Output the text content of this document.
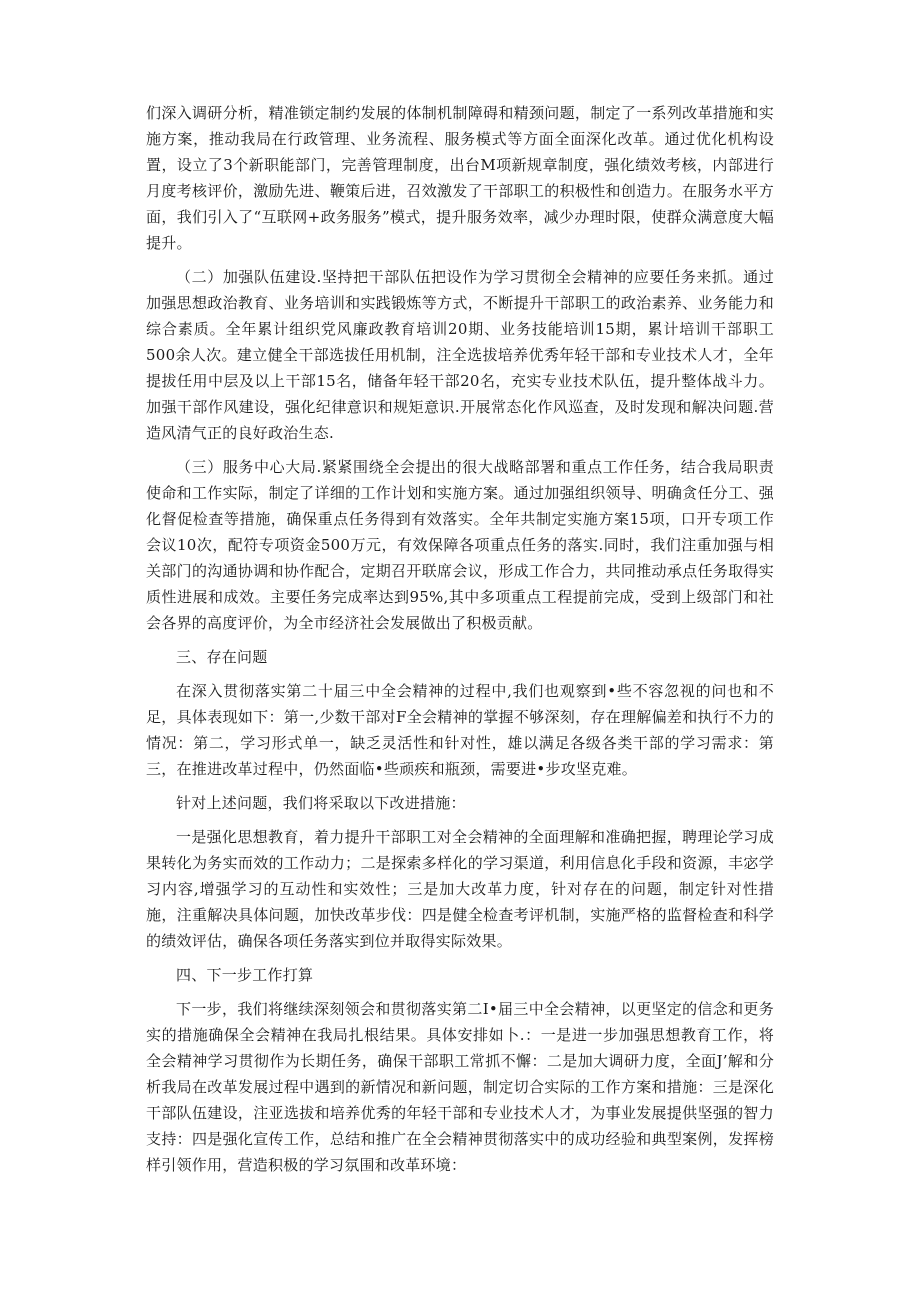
们深入调研分析，精准锁定制约发展的体制机制障碍和精颈问题，制定了一系列改革措施和实施方案，推动我局在行政管理、业务流程、服务模式等方面全面深化改革。通过优化机构设置，设立了3个新职能部门，完善管理制度，出台M项新规章制度，强化绩效考核，内部进行月度考核评价，激励先进、鞭策后进，召效激发了干部职工的积极性和创造力。在服务水平方面，我们引入了“互联网+政务服务”模式，提升服务效率，减少办理时限，使群众满意度大幅提升。

（二）加强队伍建设.坚持把干部队伍把设作为学习贯彻全会精神的应要任务来抓。通过加强思想政治教育、业务培训和实践锻炼等方式，不断提升干部职工的政治素养、业务能力和综合素质。全年累计组织党风廉政教育培训20期、业务技能培训15期，累计培训干部职工500余人次。建立健全干部选拔任用机制，注全选拔培养优秀年轻干部和专业技术人才，全年提拔任用中层及以上干部15名，储备年轻干部20名，充实专业技术队伍，提升整体战斗力。加强干部作风建设，强化纪律意识和规矩意识.开展常态化作风巡查，及时发现和解决问题.营造风清气正的良好政治生态.

（三）服务中心大局.紧紧围绕全会提出的很大战略部署和重点工作任务，结合我局职责使命和工作实际，制定了详细的工作计划和实施方案。通过加强组织领导、明确贪任分工、强化督促检查等措施，确保重点任务得到有效落实。全年共制定实施方案15项，口开专项工作会议10次，配符专项资金500万元，有效保障各项重点任务的落实.同时，我们注重加强与相关部门的沟通协调和协作配合，定期召开联席会议，形成工作合力，共同推动承点任务取得实质性进展和成效。主要任务完成率达到95%,其中多项重点工程提前完成，受到上级部门和社会各界的高度评价，为全市经济社会发展做出了积极贡献。

三、存在问题

在深入贯彻落实第二十届三中全会精神的过程中,我们也观察到•些不容忽视的问也和不足，具体表现如下：第一,少数干部对F全会精神的掌握不够深刻，存在理解偏差和执行不力的情况：第二，学习形式单一，缺乏灵活性和针对性，雄以满足各级各类干部的学习需求：第三，在推进改革过程中，仍然面临•些顽疾和瓶颈，需要进•步攻坚克难。

针对上述问题，我们将采取以下改进措施：

一是强化思想教育，着力提升干部职工对全会精神的全面理解和准确把握，聘理论学习成果转化为务实而效的工作动力；二是探索多样化的学习渠道，利用信息化手段和资源，丰宓学习内容,增强学习的互动性和实效性；三是加大改革力度，针对存在的问题，制定针对性措施，注重解决具体问题，加快改革步伐：四是健全检查考评机制，实施严格的监督检查和科学的绩效评估，确保各项任务落实到位并取得实际效果。

四、下一步工作打算

下一步，我们将继续深刻领会和贯彻落实第二I•届三中全会精神，以更坚定的信念和更务实的措施确保全会精神在我局扎根结果。具体安排如卜.：一是进一步加强思想教育工作，将全会精神学习贯彻作为长期任务，确保干部职工常抓不懈：二是加大调研力度，全面J’解和分析我局在改革发展过程中遇到的新情况和新问题，制定切合实际的工作方案和措施：三是深化干部队伍建设，注亚选拔和培养优秀的年轻干部和专业技术人才，为事业发展提供坚强的智力支持：四是强化宣传工作，总结和推广在全会精神贯彻落实中的成功经验和典型案例，发挥榜样引领作用，营造积极的学习氛围和改革环境：
